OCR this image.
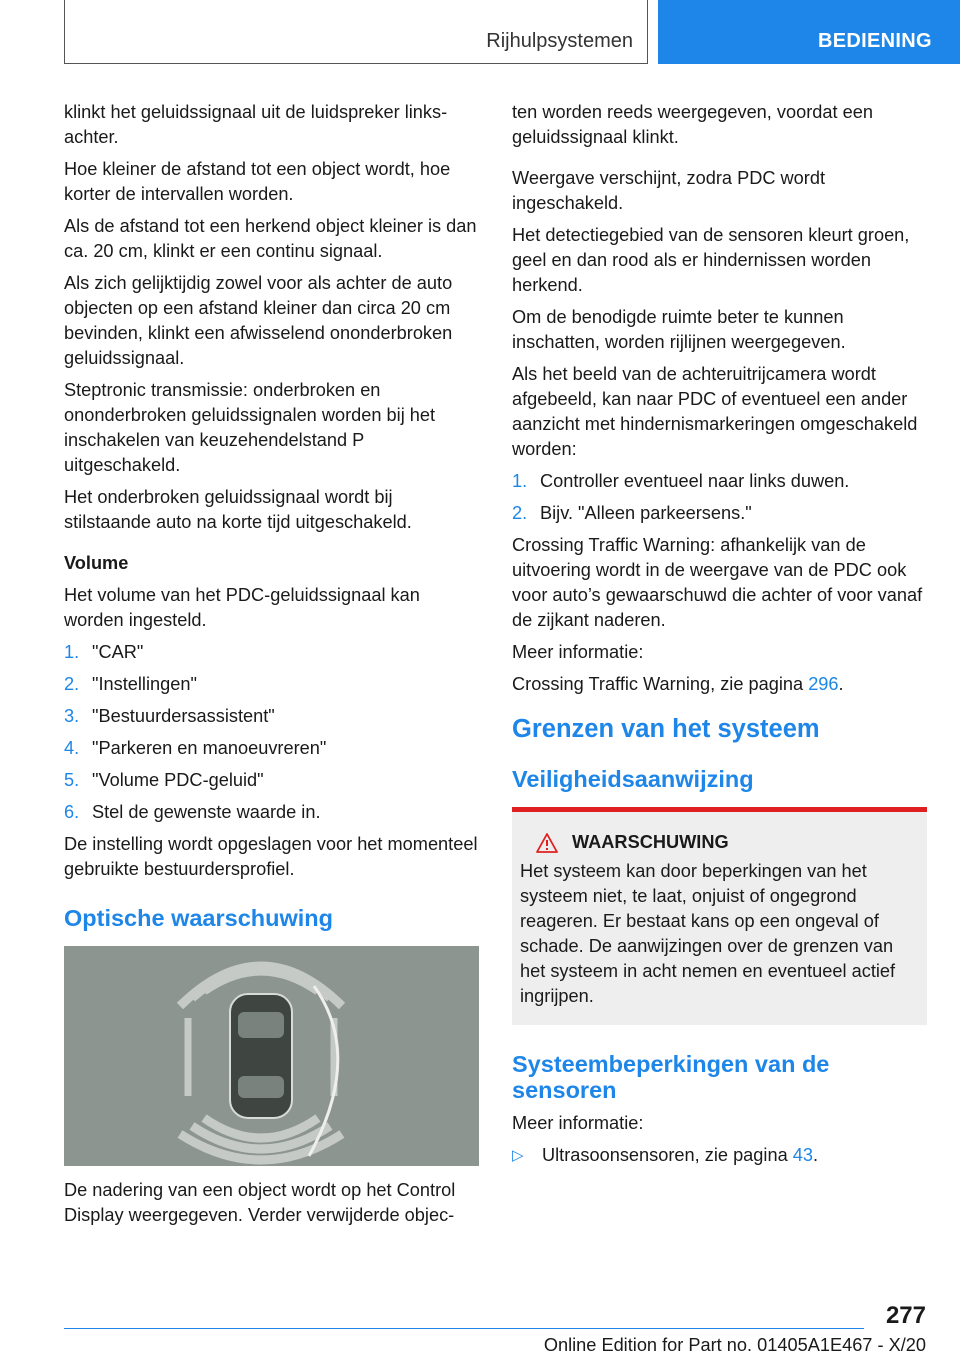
Rijhulpsystemen	BEDIENING

klinkt het geluidssignaal uit de luidspreker links-achter.

Hoe kleiner de afstand tot een object wordt, hoe korter de intervallen worden.

Als de afstand tot een herkend object kleiner is dan ca. 20 cm, klinkt er een continu signaal.

Als zich gelijktijdig zowel voor als achter de auto objecten op een afstand kleiner dan circa 20 cm bevinden, klinkt een afwisselend ononderbroken geluidssignaal.

Steptronic transmissie: onderbroken en ononderbroken geluidssignalen worden bij het inschakelen van keuzehendelstand P uitgeschakeld.

Het onderbroken geluidssignaal wordt bij stilstaande auto na korte tijd uitgeschakeld.

Volume

Het volume van het PDC-geluidssignaal kan worden ingesteld.

1. "CAR"
2. "Instellingen"
3. "Bestuurdersassistent"
4. "Parkeren en manoeuvreren"
5. "Volume PDC-geluid"
6. Stel de gewenste waarde in.

De instelling wordt opgeslagen voor het momenteel gebruikte bestuurdersprofiel.

Optische waarschuwing

De nadering van een object wordt op het Control Display weergegeven. Verder verwijderde objec-

ten worden reeds weergegeven, voordat een geluidssignaal klinkt.

Weergave verschijnt, zodra PDC wordt ingeschakeld.

Het detectiegebied van de sensoren kleurt groen, geel en dan rood als er hindernissen worden herkend.

Om de benodigde ruimte beter te kunnen inschatten, worden rijlijnen weergegeven.

Als het beeld van de achteruitrijcamera wordt afgebeeld, kan naar PDC of eventueel een ander aanzicht met hindernismarkeringen omgeschakeld worden:

1. Controller eventueel naar links duwen.
2. Bijv. "Alleen parkeersens."

Crossing Traffic Warning: afhankelijk van de uitvoering wordt in de weergave van de PDC ook voor auto’s gewaarschuwd die achter of voor vanaf de zijkant naderen.

Meer informatie:

Crossing Traffic Warning, zie pagina 296.

Grenzen van het systeem
Veiligheidsaanwijzing
WAARSCHUWING

Het systeem kan door beperkingen van het systeem niet, te laat, onjuist of ongegrond reageren. Er bestaat kans op een ongeval of schade. De aanwijzingen over de grenzen van het systeem in acht nemen en eventueel actief ingrijpen.

Systeembeperkingen van de sensoren

Meer informatie:

▷	Ultrasoonsensoren, zie pagina 43.

277
Online Edition for Part no. 01405A1E467 - X/20
